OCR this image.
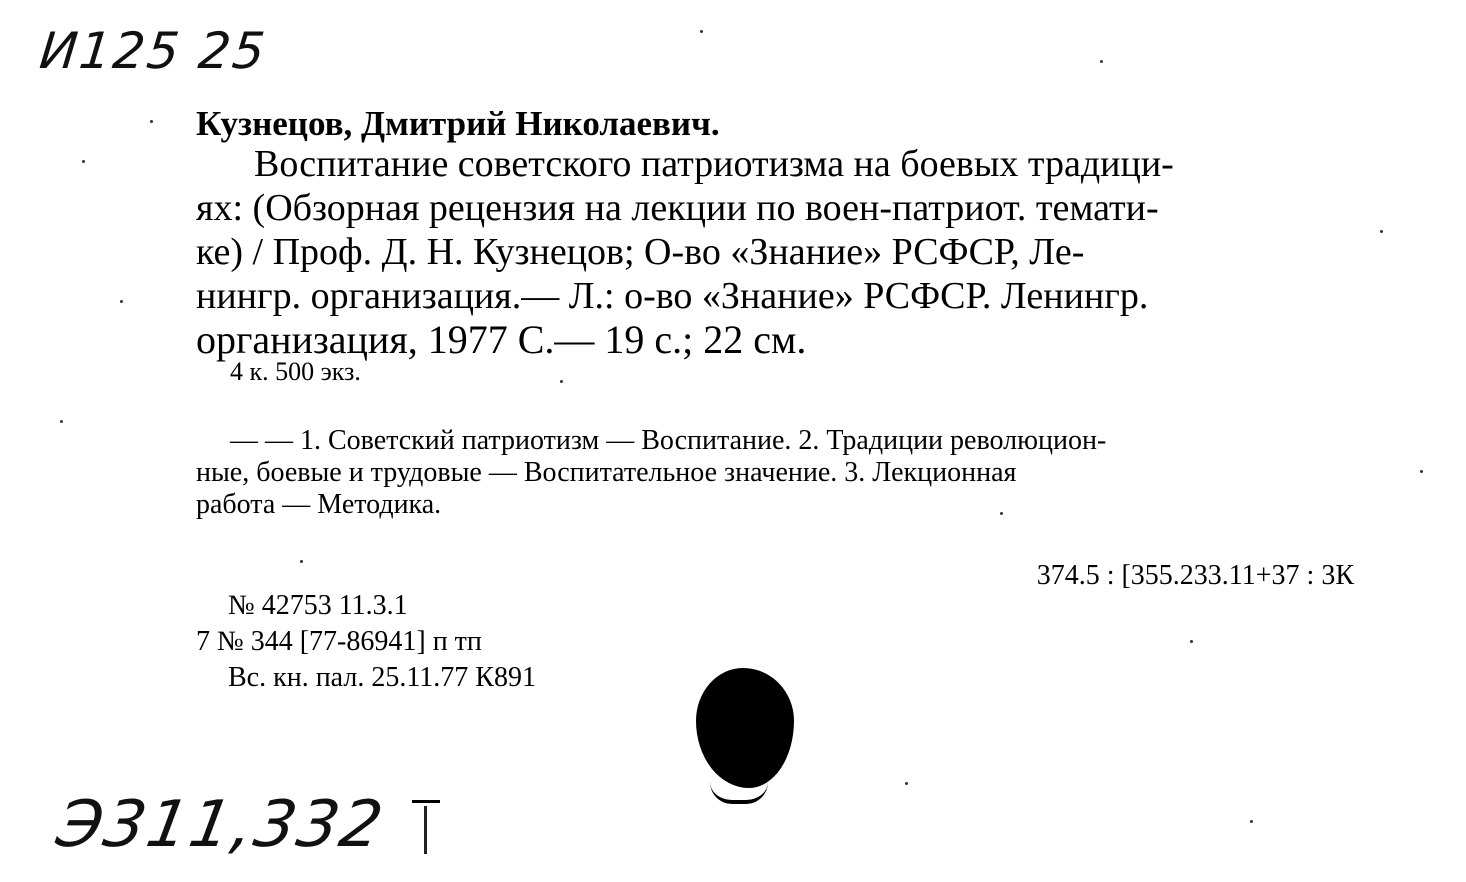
И125 25
Кузнецов, Дмитрий Николаевич.
Воспитание советского патриотизма на боевых традици-
ях: (Обзорная рецензия на лекции по воен-патриот. темати-
ке) / Проф. Д. Н. Кузнецов; О-во «Знание» РСФСР, Ле-
нингр. организация.— Л.: о-во «Знание» РСФСР. Ленингр.
организация, 1977 С.— 19 с.; 22 см.
4 к. 500 экз.
— — 1. Советский патриотизм — Воспитание. 2. Традиции революцион-
ные, боевые и трудовые — Воспитательное значение. 3. Лекционная
работа — Методика.
374.5 : [355.233.11+37 : 3К
№ 42753 11.3.1
7 № 344 [77-86941] п тп
Вс. кн. пал. 25.11.77 К891
Э311,332
